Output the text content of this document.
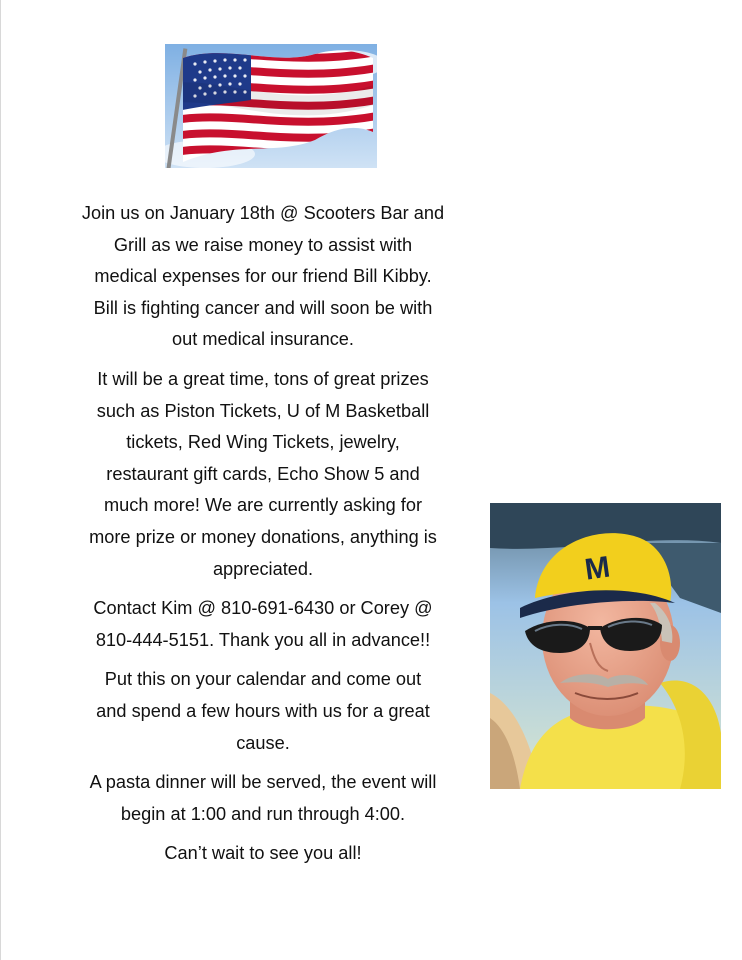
Join us on January 18th @ Scooters Bar and
Grill as we raise money to assist with
medical expenses for our friend Bill Kibby.
Bill is fighting cancer and will soon be with
out medical insurance.

It will be a great time, tons of great prizes
such as Piston Tickets, U of M Basketball
tickets, Red Wing Tickets, jewelry,
restaurant gift cards, Echo Show 5 and
much more! We are currently asking for
more prize or money donations, anything is
appreciated.

Contact Kim @ 810-691-6430 or Corey @
810-444-5151. Thank you all in advance!!

Put this on your calendar and come out
and spend a few hours with us for a great
cause.

A pasta dinner will be served, the event will
begin at 1:00 and run through 4:00.

Can’t wait to see you all!

M
